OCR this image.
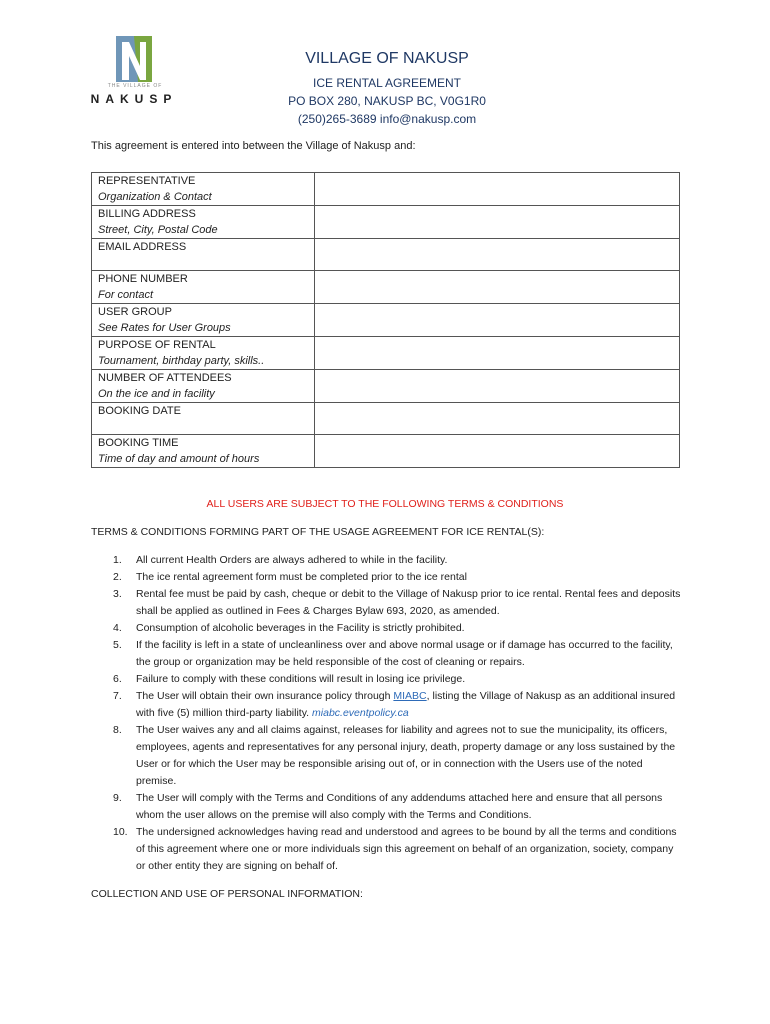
THE VILLAGE OF
NAKUSP
VILLAGE OF NAKUSP
ICE RENTAL AGREEMENT
PO BOX 280, NAKUSP BC, V0G1R0
(250)265-3689 info@nakusp.com
This agreement is entered into between the Village of Nakusp and:
REPRESENTATIVE
Organization & Contact	

BILLING ADDRESS
Street, City, Postal Code	

EMAIL ADDRESS	

PHONE NUMBER
For contact	

USER GROUP
See Rates for User Groups	

PURPOSE OF RENTAL
Tournament, birthday party, skills..	

NUMBER OF ATTENDEES
On the ice and in facility	

BOOKING DATE	

BOOKING TIME
Time of day and amount of hours	

ALL USERS ARE SUBJECT TO THE FOLLOWING TERMS & CONDITIONS
TERMS & CONDITIONS FORMING PART OF THE USAGE AGREEMENT FOR ICE RENTAL(S):
1. All current Health Orders are always adhered to while in the facility.
2. The ice rental agreement form must be completed prior to the ice rental
3. Rental fee must be paid by cash, cheque or debit to the Village of Nakusp prior to ice rental. Rental fees and deposits shall be applied as outlined in Fees & Charges Bylaw 693, 2020, as amended.
4. Consumption of alcoholic beverages in the Facility is strictly prohibited.
5. If the facility is left in a state of uncleanliness over and above normal usage or if damage has occurred to the facility, the group or organization may be held responsible of the cost of cleaning or repairs.
6. Failure to comply with these conditions will result in losing ice privilege.
7. The User will obtain their own insurance policy through MIABC, listing the Village of Nakusp as an additional insured with five (5) million third-party liability. miabc.eventpolicy.ca
8. The User waives any and all claims against, releases for liability and agrees not to sue the municipality, its officers, employees, agents and representatives for any personal injury, death, property damage or any loss sustained by the User or for which the User may be responsible arising out of, or in connection with the Users use of the noted premise.
9. The User will comply with the Terms and Conditions of any addendums attached here and ensure that all persons whom the user allows on the premise will also comply with the Terms and Conditions.
10. The undersigned acknowledges having read and understood and agrees to be bound by all the terms and conditions of this agreement where one or more individuals sign this agreement on behalf of an organization, society, company or other entity they are signing on behalf of.
COLLECTION AND USE OF PERSONAL INFORMATION:
